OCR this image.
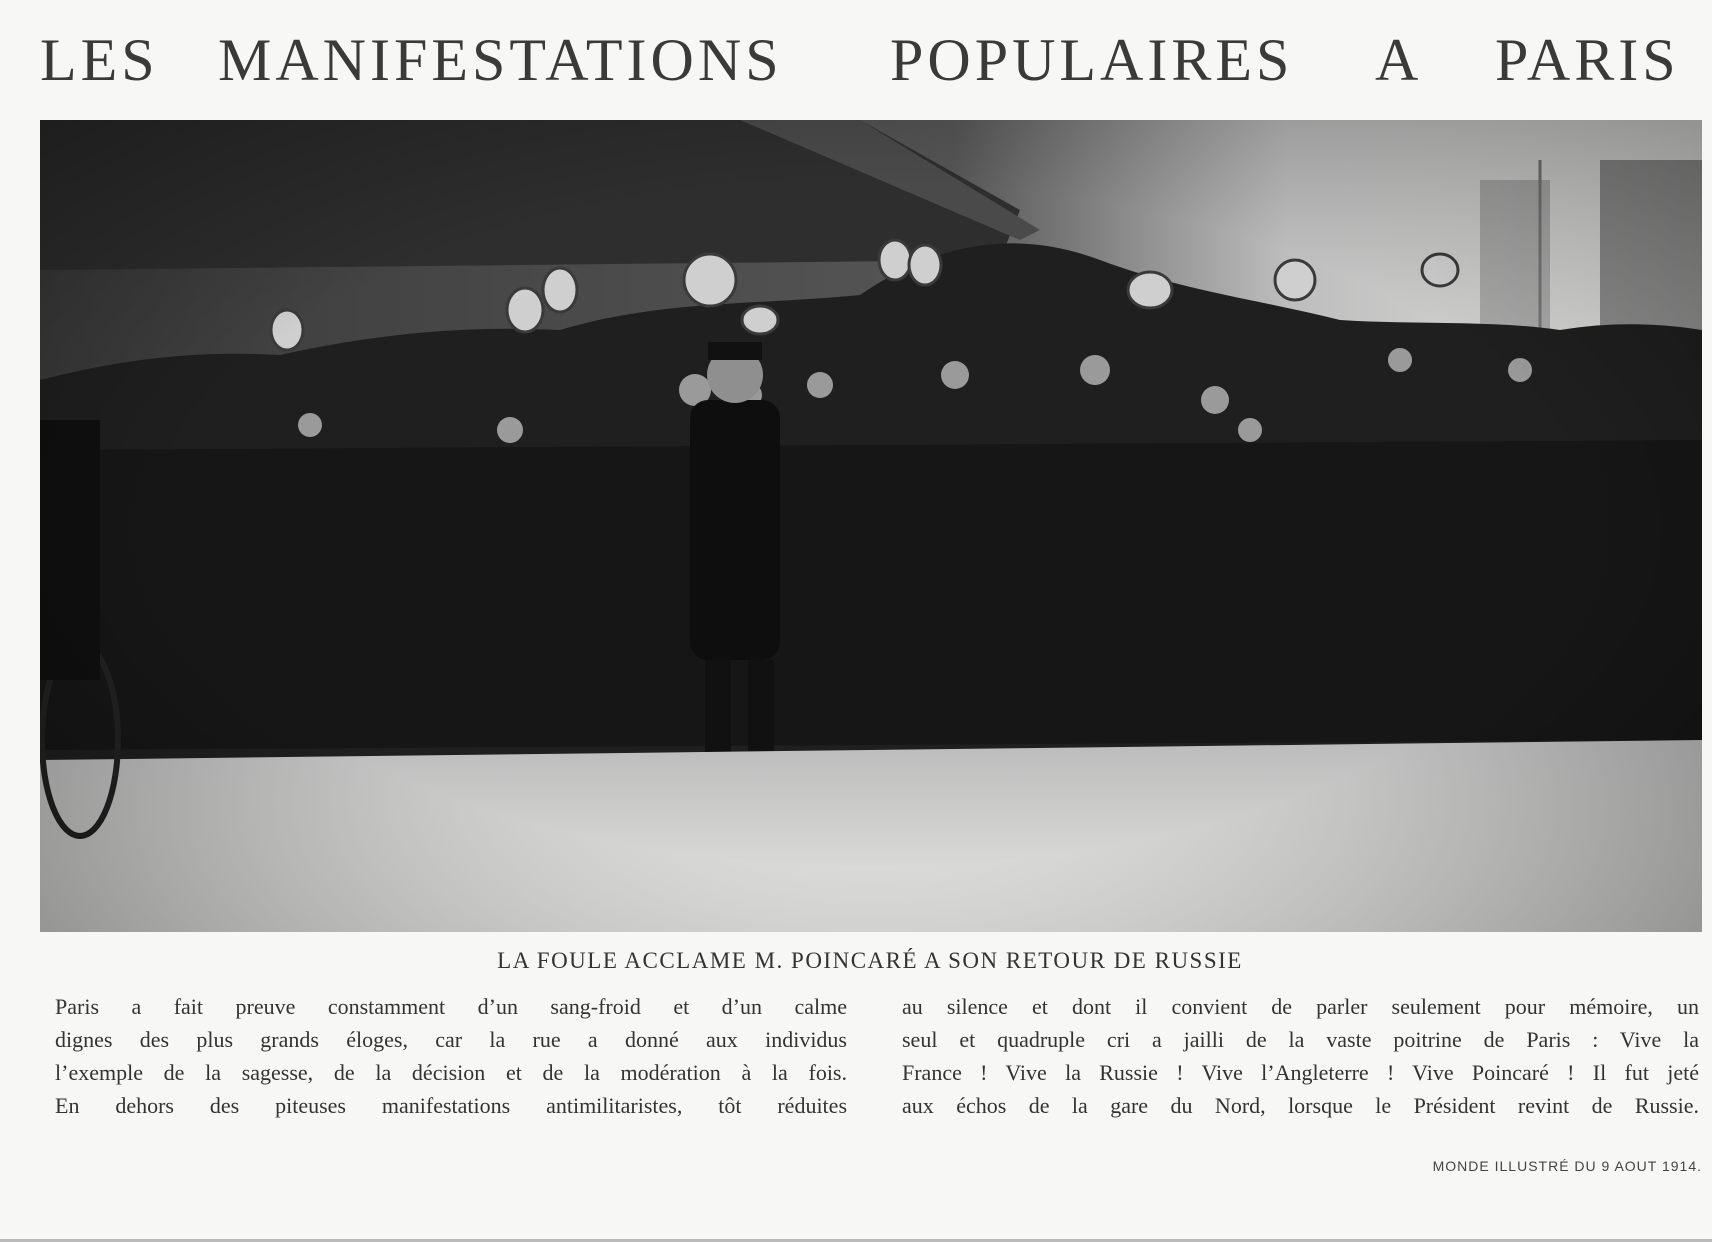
LES MANIFESTATIONS POPULAIRES A PARIS
LA FOULE ACCLAME M. POINCARÉ A SON RETOUR DE RUSSIE
Paris a fait preuve constamment d’un sang-froid et d’un calme
dignes des plus grands éloges, car la rue a donné aux individus
l’exemple de la sagesse, de la décision et de la modération à la fois.
En dehors des piteuses manifestations antimilitaristes, tôt réduites
au silence et dont il convient de parler seulement pour mémoire, un
seul et quadruple cri a jailli de la vaste poitrine de Paris : Vive la
France ! Vive la Russie ! Vive l’Angleterre ! Vive Poincaré ! Il fut jeté
aux échos de la gare du Nord, lorsque le Président revint de Russie.
MONDE ILLUSTRÉ DU 9 AOUT 1914.
